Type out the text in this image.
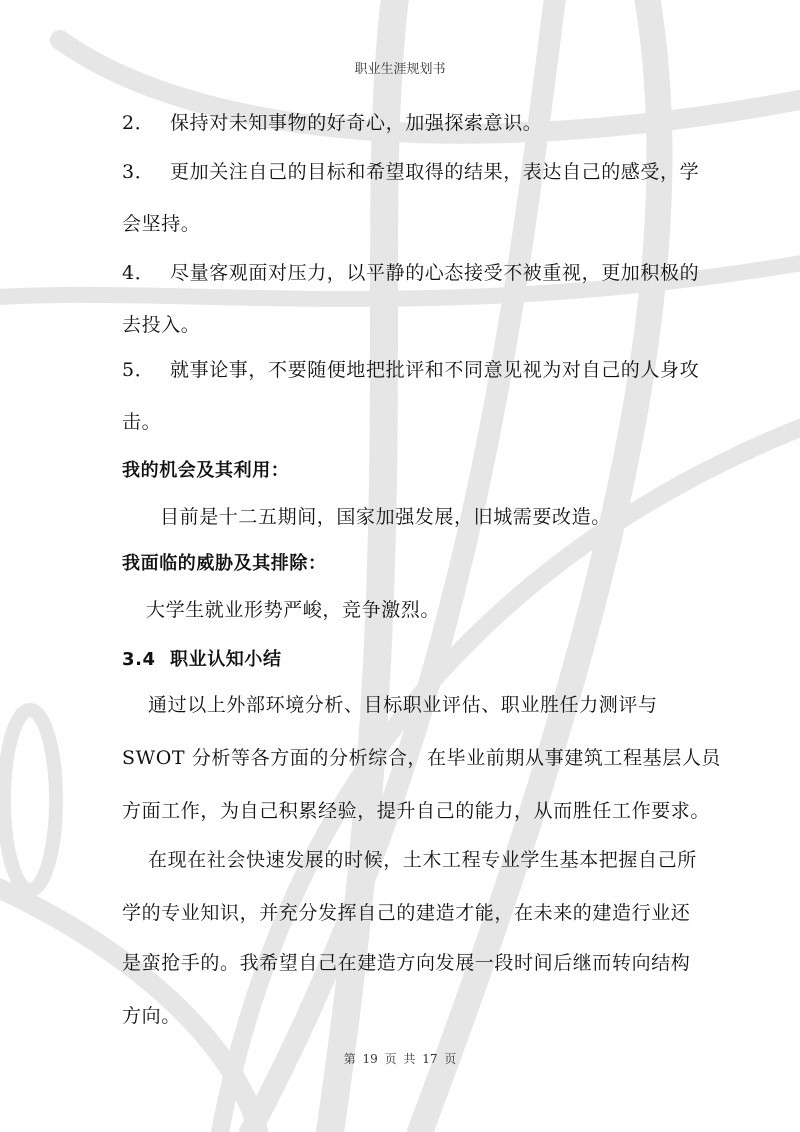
职业生涯规划书
2． 保持对未知事物的好奇心，加强探索意识。
3． 更加关注自己的目标和希望取得的结果，表达自己的感受，学
会坚持。
4． 尽量客观面对压力，以平静的心态接受不被重视，更加积极的
去投入。
5． 就事论事，不要随便地把批评和不同意见视为对自己的人身攻
击。
我的机会及其利用：
目前是十二五期间，国家加强发展，旧城需要改造。
我面临的威胁及其排除：
大学生就业形势严峻，竞争激烈。
3.4 职业认知小结
通过以上外部环境分析、目标职业评估、职业胜任力测评与
SWOT 分析等各方面的分析综合，在毕业前期从事建筑工程基层人员
方面工作，为自己积累经验，提升自己的能力，从而胜任工作要求。
在现在社会快速发展的时候，土木工程专业学生基本把握自己所
学的专业知识，并充分发挥自己的建造才能，在未来的建造行业还
是蛮抢手的。我希望自己在建造方向发展一段时间后继而转向结构
方向。
第 19 页 共 17 页
